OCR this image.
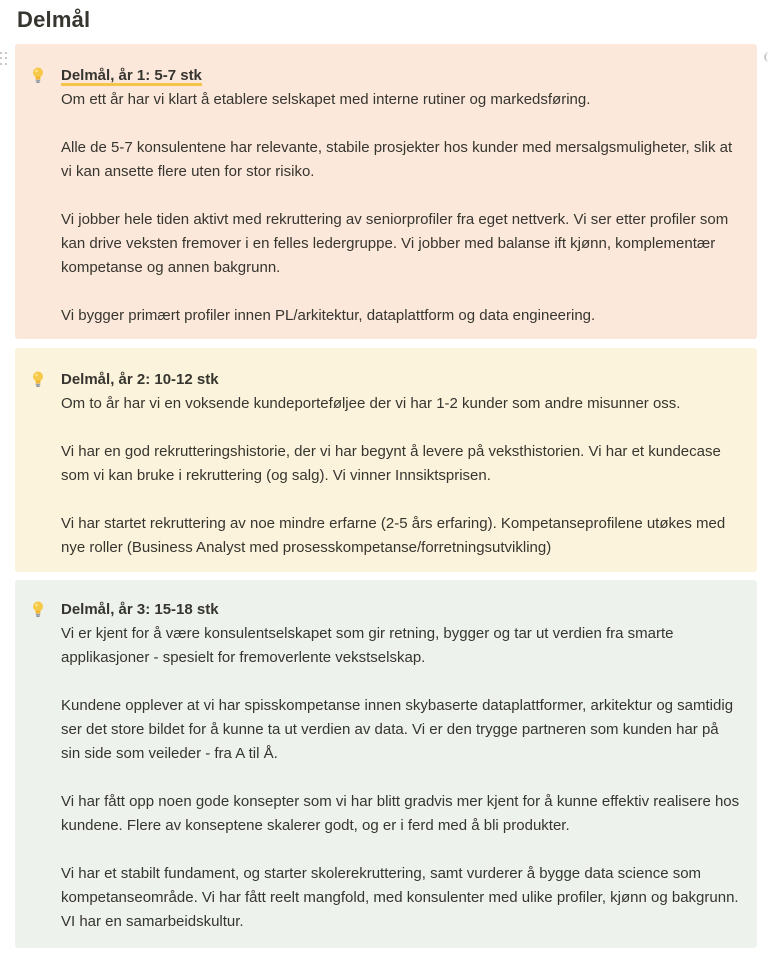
Delmål

Delmål, år 1: 5-7 stk

Om ett år har vi klart å etablere selskapet med interne rutiner og markedsføring.

Alle de 5-7 konsulentene har relevante, stabile prosjekter hos kunder med mersalgsmuligheter, slik at vi kan ansette flere uten for stor risiko.

Vi jobber hele tiden aktivt med rekruttering av seniorprofiler fra eget nettverk. Vi ser etter profiler som kan drive veksten fremover i en felles ledergruppe. Vi jobber med balanse ift kjønn, komplementær kompetanse og annen bakgrunn.

Vi bygger primært profiler innen PL/arkitektur, dataplattform og data engineering.

Delmål, år 2: 10-12 stk

Om to år har vi en voksende kundeporteføljee der vi har 1-2 kunder som andre misunner oss.

Vi har en god rekrutteringshistorie, der vi har begynt å levere på veksthistorien. Vi har et kundecase som vi kan bruke i rekruttering (og salg). Vi vinner Innsiktsprisen.

Vi har startet rekruttering av noe mindre erfarne (2-5 års erfaring). Kompetanseprofilene utøkes med nye roller (Business Analyst med prosesskompetanse/forretningsutvikling)

Delmål, år 3: 15-18 stk

Vi er kjent for å være konsulentselskapet som gir retning, bygger og tar ut verdien fra smarte applikasjoner - spesielt for fremoverlente vekstselskap.

Kundene opplever at vi har spisskompetanse innen skybaserte dataplattformer, arkitektur og samtidig ser det store bildet for å kunne ta ut verdien av data. Vi er den trygge partneren som kunden har på sin side som veileder - fra A til Å.

Vi har fått opp noen gode konsepter som vi har blitt gradvis mer kjent for å kunne effektiv realisere hos kundene. Flere av konseptene skalerer godt, og er i ferd med å bli produkter.

Vi har et stabilt fundament, og starter skolerekruttering, samt vurderer å bygge data science som kompetanseområde. Vi har fått reelt mangfold, med konsulenter med ulike profiler, kjønn og bakgrunn. VI har en samarbeidskultur.
